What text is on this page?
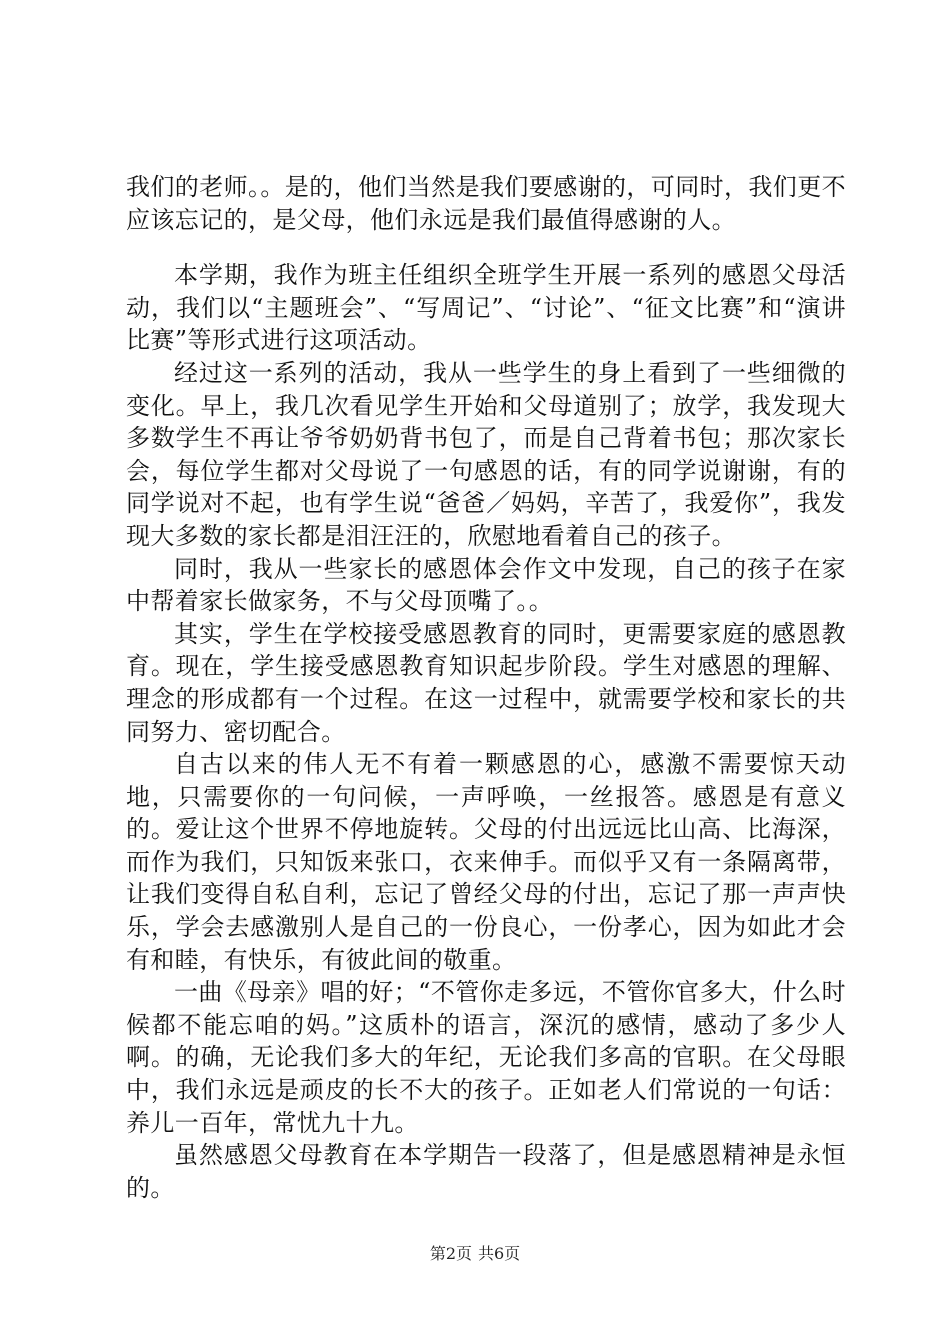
我们的老师。。是的，他们当然是我们要感谢的，可同时，我们更不应该忘记的，是父母，他们永远是我们最值得感谢的人。

本学期，我作为班主任组织全班学生开展一系列的感恩父母活动，我们以“主题班会”、“写周记”、“讨论”、“征文比赛”和“演讲比赛”等形式进行这项活动。

经过这一系列的活动，我从一些学生的身上看到了一些细微的变化。早上，我几次看见学生开始和父母道别了；放学，我发现大多数学生不再让爷爷奶奶背书包了，而是自己背着书包；那次家长会，每位学生都对父母说了一句感恩的话，有的同学说谢谢，有的同学说对不起，也有学生说“爸爸／妈妈，辛苦了，我爱你”，我发现大多数的家长都是泪汪汪的，欣慰地看着自己的孩子。

同时，我从一些家长的感恩体会作文中发现，自己的孩子在家中帮着家长做家务，不与父母顶嘴了。。

其实，学生在学校接受感恩教育的同时，更需要家庭的感恩教育。现在，学生接受感恩教育知识起步阶段。学生对感恩的理解、理念的形成都有一个过程。在这一过程中，就需要学校和家长的共同努力、密切配合。

自古以来的伟人无不有着一颗感恩的心，感激不需要惊天动地，只需要你的一句问候，一声呼唤，一丝报答。感恩是有意义的。爱让这个世界不停地旋转。父母的付出远远比山高、比海深，而作为我们，只知饭来张口，衣来伸手。而似乎又有一条隔离带，让我们变得自私自利，忘记了曾经父母的付出，忘记了那一声声快乐，学会去感激别人是自己的一份良心，一份孝心，因为如此才会有和睦，有快乐，有彼此间的敬重。

一曲《母亲》唱的好；“不管你走多远，不管你官多大，什么时候都不能忘咱的妈。”这质朴的语言，深沉的感情，感动了多少人啊。的确，无论我们多大的年纪，无论我们多高的官职。在父母眼中，我们永远是顽皮的长不大的孩子。正如老人们常说的一句话：养儿一百年，常忧九十九。

虽然感恩父母教育在本学期告一段落了，但是感恩精神是永恒的。

第2页 共6页
